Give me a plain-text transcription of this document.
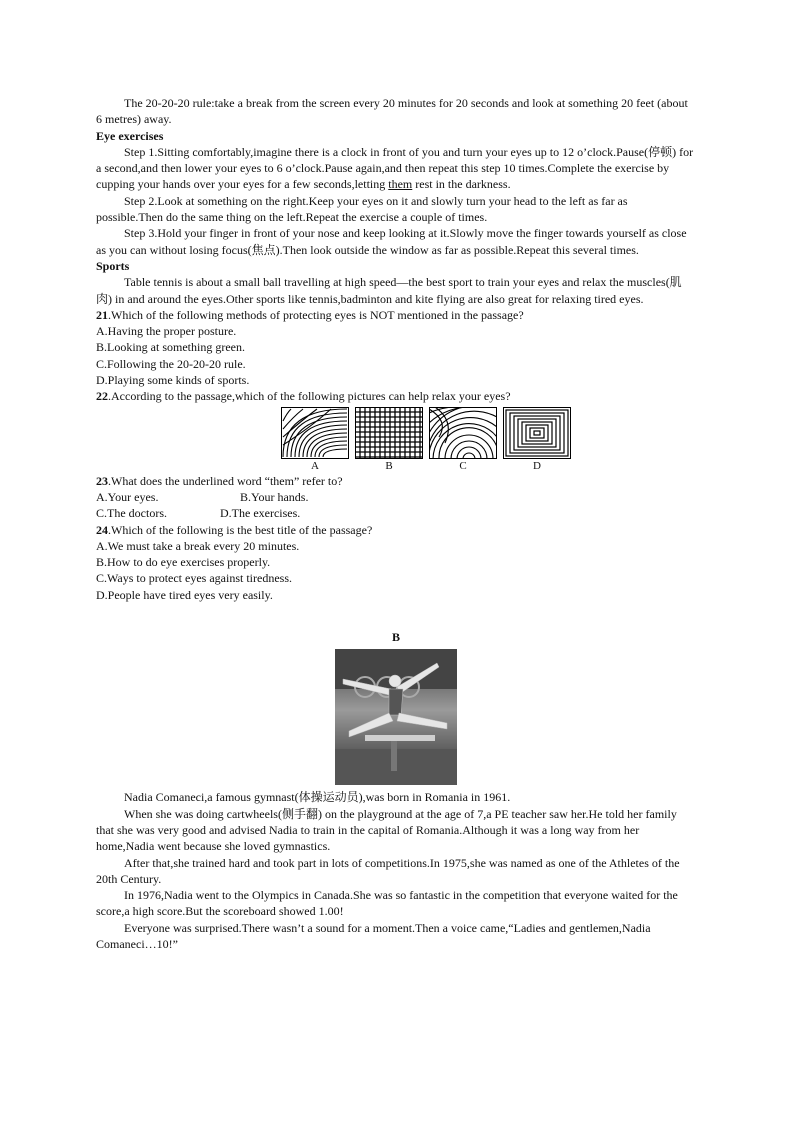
The 20-20-20 rule:take a break from the screen every 20 minutes for 20 seconds and look at something 20 feet (about 6 metres) away.

Eye exercises

Step 1.Sitting comfortably,imagine there is a clock in front of you and turn your eyes up to 12 o’clock.Pause(停顿) for a second,and then lower your eyes to 6 o’clock.Pause again,and then repeat this step 10 times.Complete the exercise by cupping your hands over your eyes for a few seconds,letting them rest in the darkness.

Step 2.Look at something on the right.Keep your eyes on it and slowly turn your head to the left as far as possible.Then do the same thing on the left.Repeat the exercise a couple of times.

Step 3.Hold your finger in front of your nose and keep looking at it.Slowly move the finger towards yourself as close as you can without losing focus(焦点).Then look outside the window as far as possible.Repeat this several times.

Sports

Table tennis is about a small ball travelling at high speed—the best sport to train your eyes and relax the muscles(肌肉) in and around the eyes.Other sports like tennis,badminton and kite flying are also great for relaxing tired eyes.

21.Which of the following methods of protecting eyes is NOT mentioned in the passage?

A.Having the proper posture.

B.Looking at something green.

C.Following the 20-20-20 rule.

D.Playing some kinds of sports.

22.According to the passage,which of the following pictures can help relax your eyes?

A	B	C	D

23.What does the underlined word “them” refer to?

A.Your eyes.	B.Your hands.

C.The doctors.	D.The exercises.

24.Which of the following is the best title of the passage?

A.We must take a break every 20 minutes.

B.How to do eye exercises properly.

C.Ways to protect eyes against tiredness.

D.People have tired eyes very easily.

B

Nadia Comaneci,a famous gymnast(体操运动员),was born in Romania in 1961.

When she was doing cartwheels(侧手翻) on the playground at the age of 7,a PE teacher saw her.He told her family that she was very good and advised Nadia to train in the capital of Romania.Although it was a long way from her home,Nadia went because she loved gymnastics.

After that,she trained hard and took part in lots of competitions.In 1975,she was named as one of the Athletes of the 20th Century.

In 1976,Nadia went to the Olympics in Canada.She was so fantastic in the competition that everyone waited for the score,a high score.But the scoreboard showed 1.00!

Everyone was surprised.There wasn’t a sound for a moment.Then a voice came,“Ladies and gentlemen,Nadia Comaneci…10!”
